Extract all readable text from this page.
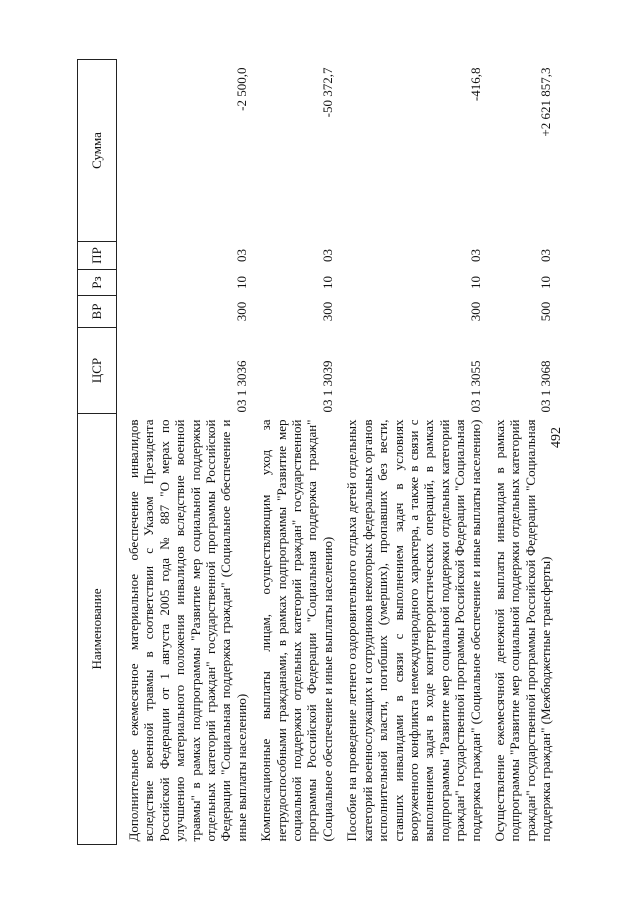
492
Наименование	ЦСР	ВР	Рз	ПР	Сумма
Дополнительное ежемесячное материальное обеспечение инвалидов вследствие военной травмы в соответствии с Указом Президента Российской Федерации от 1 августа 2005 года № 887 "О мерах по улучшению материального положения инвалидов вследствие военной травмы" в рамках подпрограммы "Развитие мер социальной поддержки отдельных категорий граждан" государственной программы Российской Федерации "Социальная поддержка граждан" (Социальное обеспечение и иные выплаты населению)	03 1 3036	300	10	03	-2 500,0
Компенсационные выплаты лицам, осуществляющим уход за нетрудоспособными гражданами, в рамках подпрограммы "Развитие мер социальной поддержки отдельных категорий граждан" государственной программы Российской Федерации "Социальная поддержка граждан" (Социальное обеспечение и иные выплаты населению)	03 1 3039	300	10	03	-50 372,7
Пособие на проведение летнего оздоровительного отдыха детей отдельных категорий военнослужащих и сотрудников некоторых федеральных органов исполнительной власти, погибших (умерших), пропавших без вести, ставших инвалидами в связи с выполнением задач в условиях вооруженного конфликта немеждународного характера, а также в связи с выполнением задач в ходе контртеррористических операций, в рамках подпрограммы "Развитие мер социальной поддержки отдельных категорий граждан" государственной программы Российской Федерации "Социальная поддержка граждан" (Социальное обеспечение и иные выплаты населению)	03 1 3055	300	10	03	-416,8
Осуществление ежемесячной денежной выплаты инвалидам в рамках подпрограммы "Развитие мер социальной поддержки отдельных категорий граждан" государственной программы Российской Федерации "Социальная поддержка граждан" (Межбюджетные трансферты)	03 1 3068	500	10	03	+2 621 857,3
